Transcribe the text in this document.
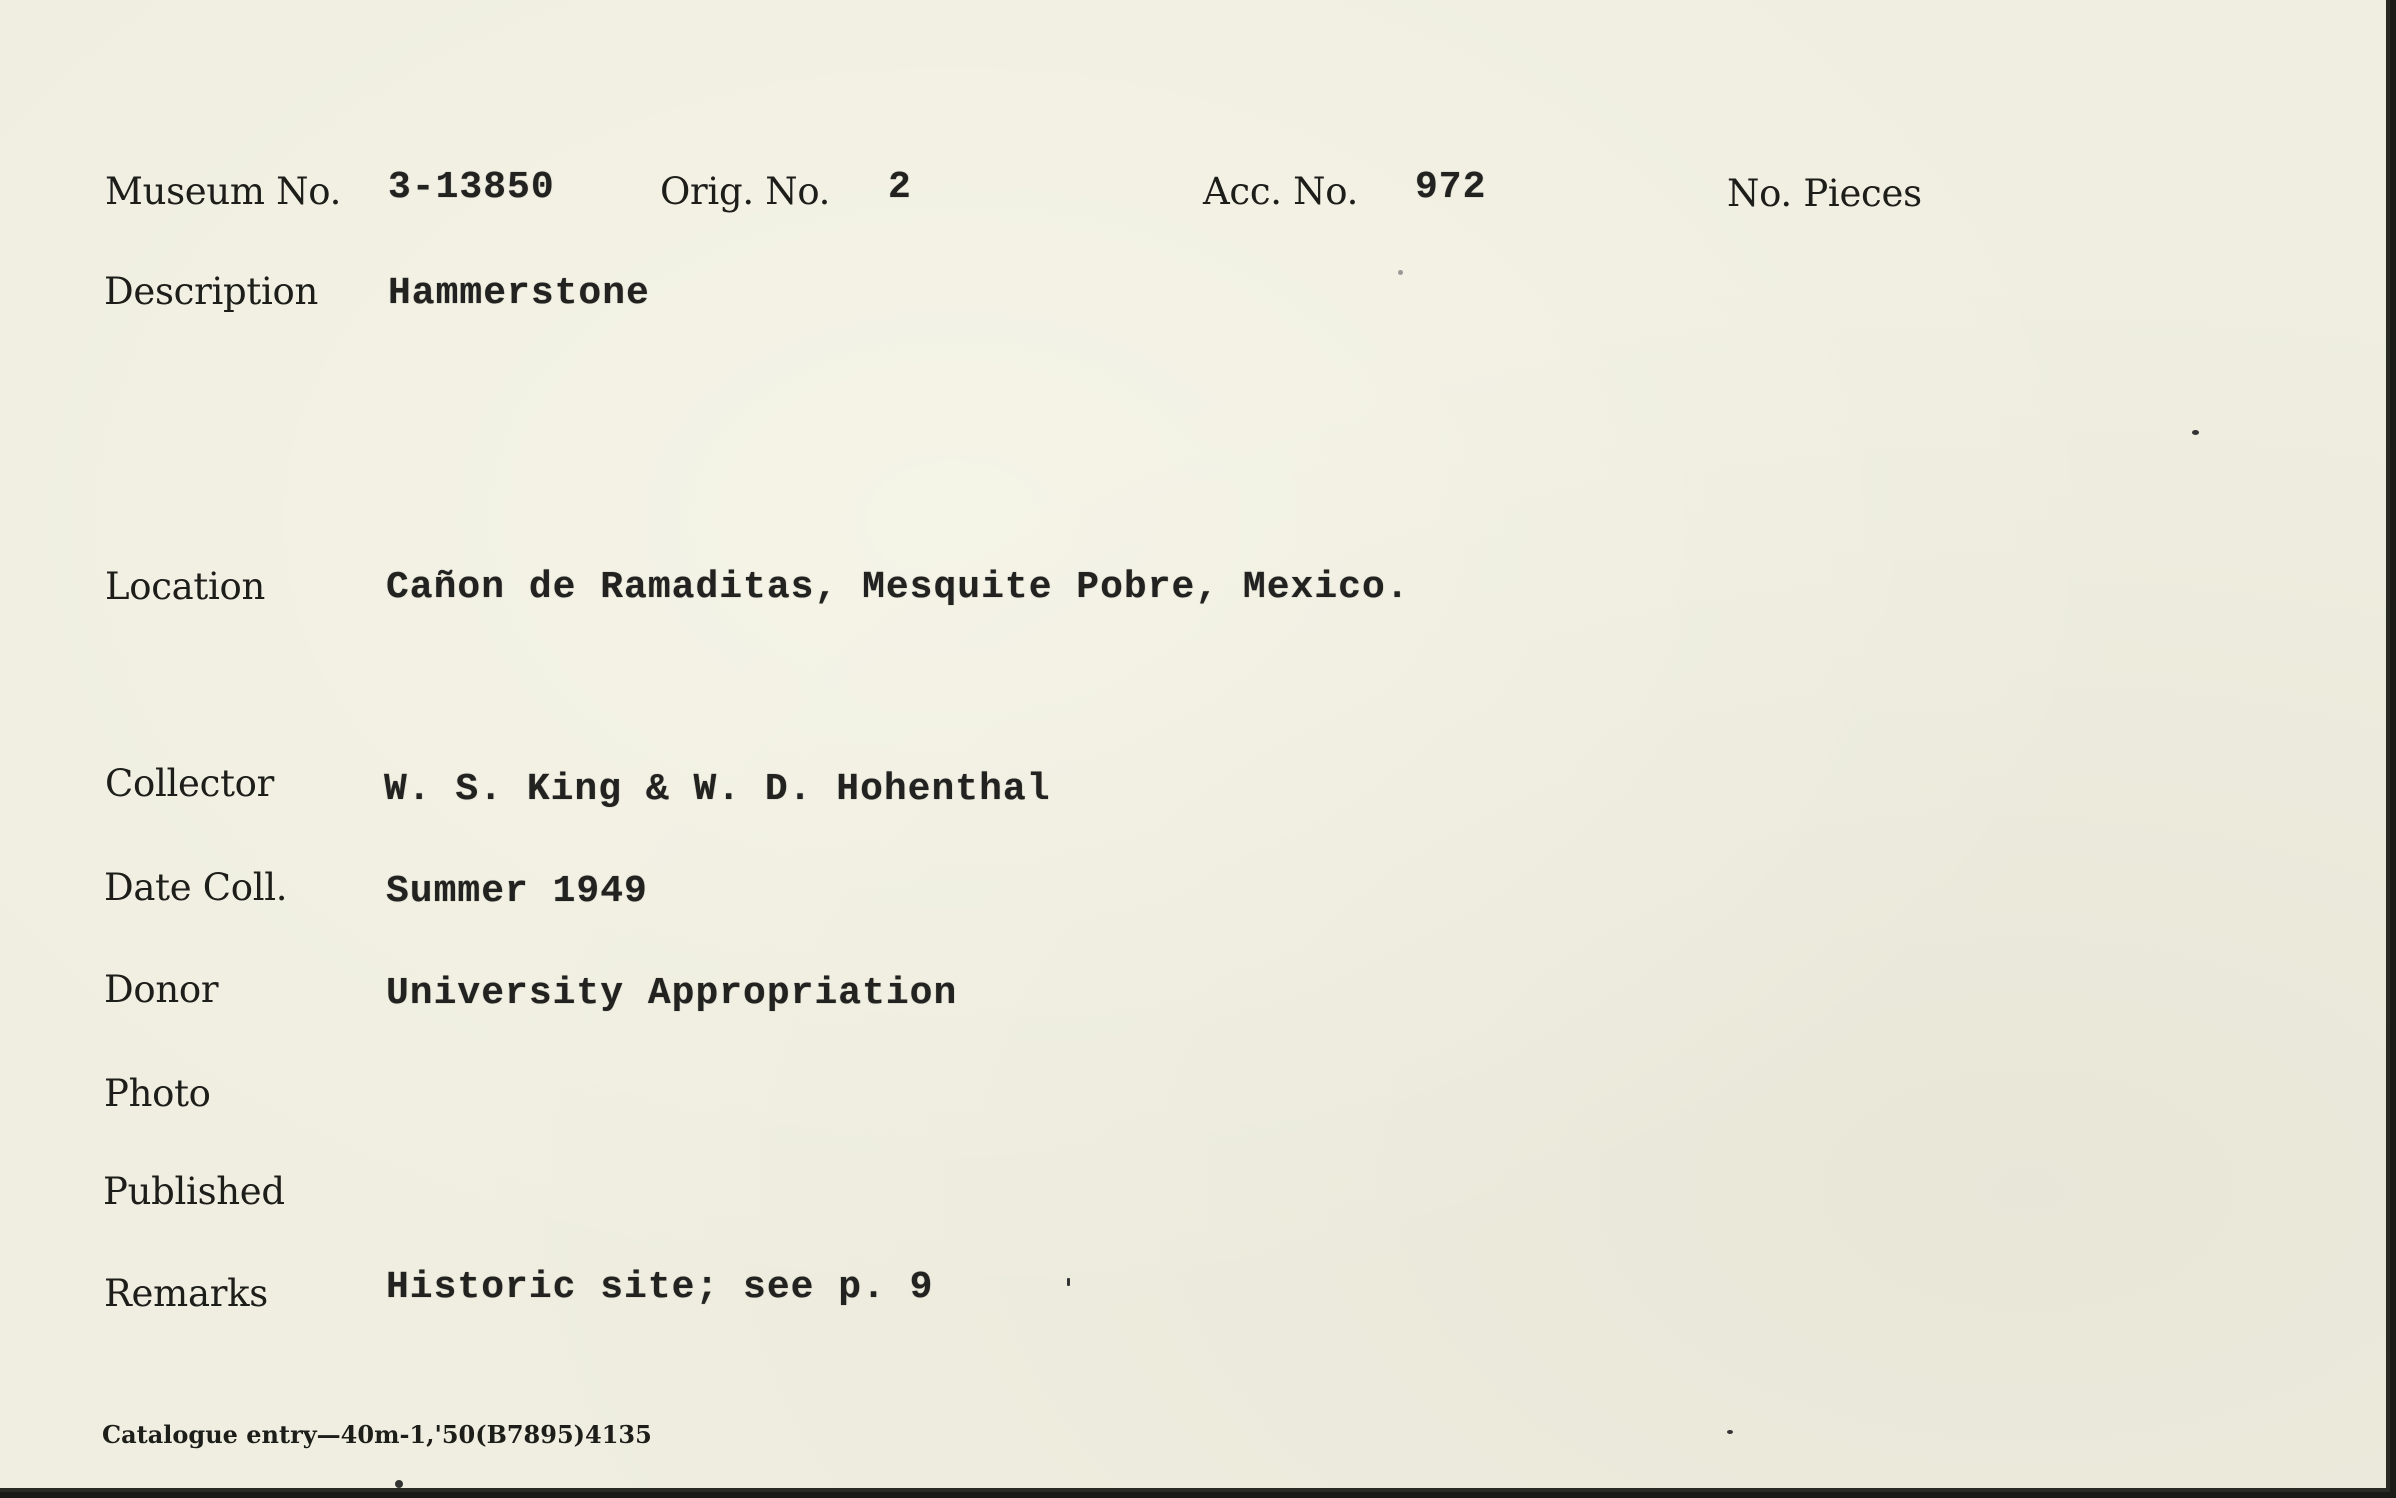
Museum No. 3-13850	Orig. No. 2	Acc. No. 972	No. Pieces
Description Hammerstone
Location	Cañon de Ramaditas, Mesquite Pobre, Mexico.
Collector	W. S. King & W. D. Hohenthal
Date Coll.	Summer 1949
Donor	University Appropriation
Photo
Published
Remarks	Historic site; see p. 9
Catalogue entry—40m-1,'50(B7895)4135
